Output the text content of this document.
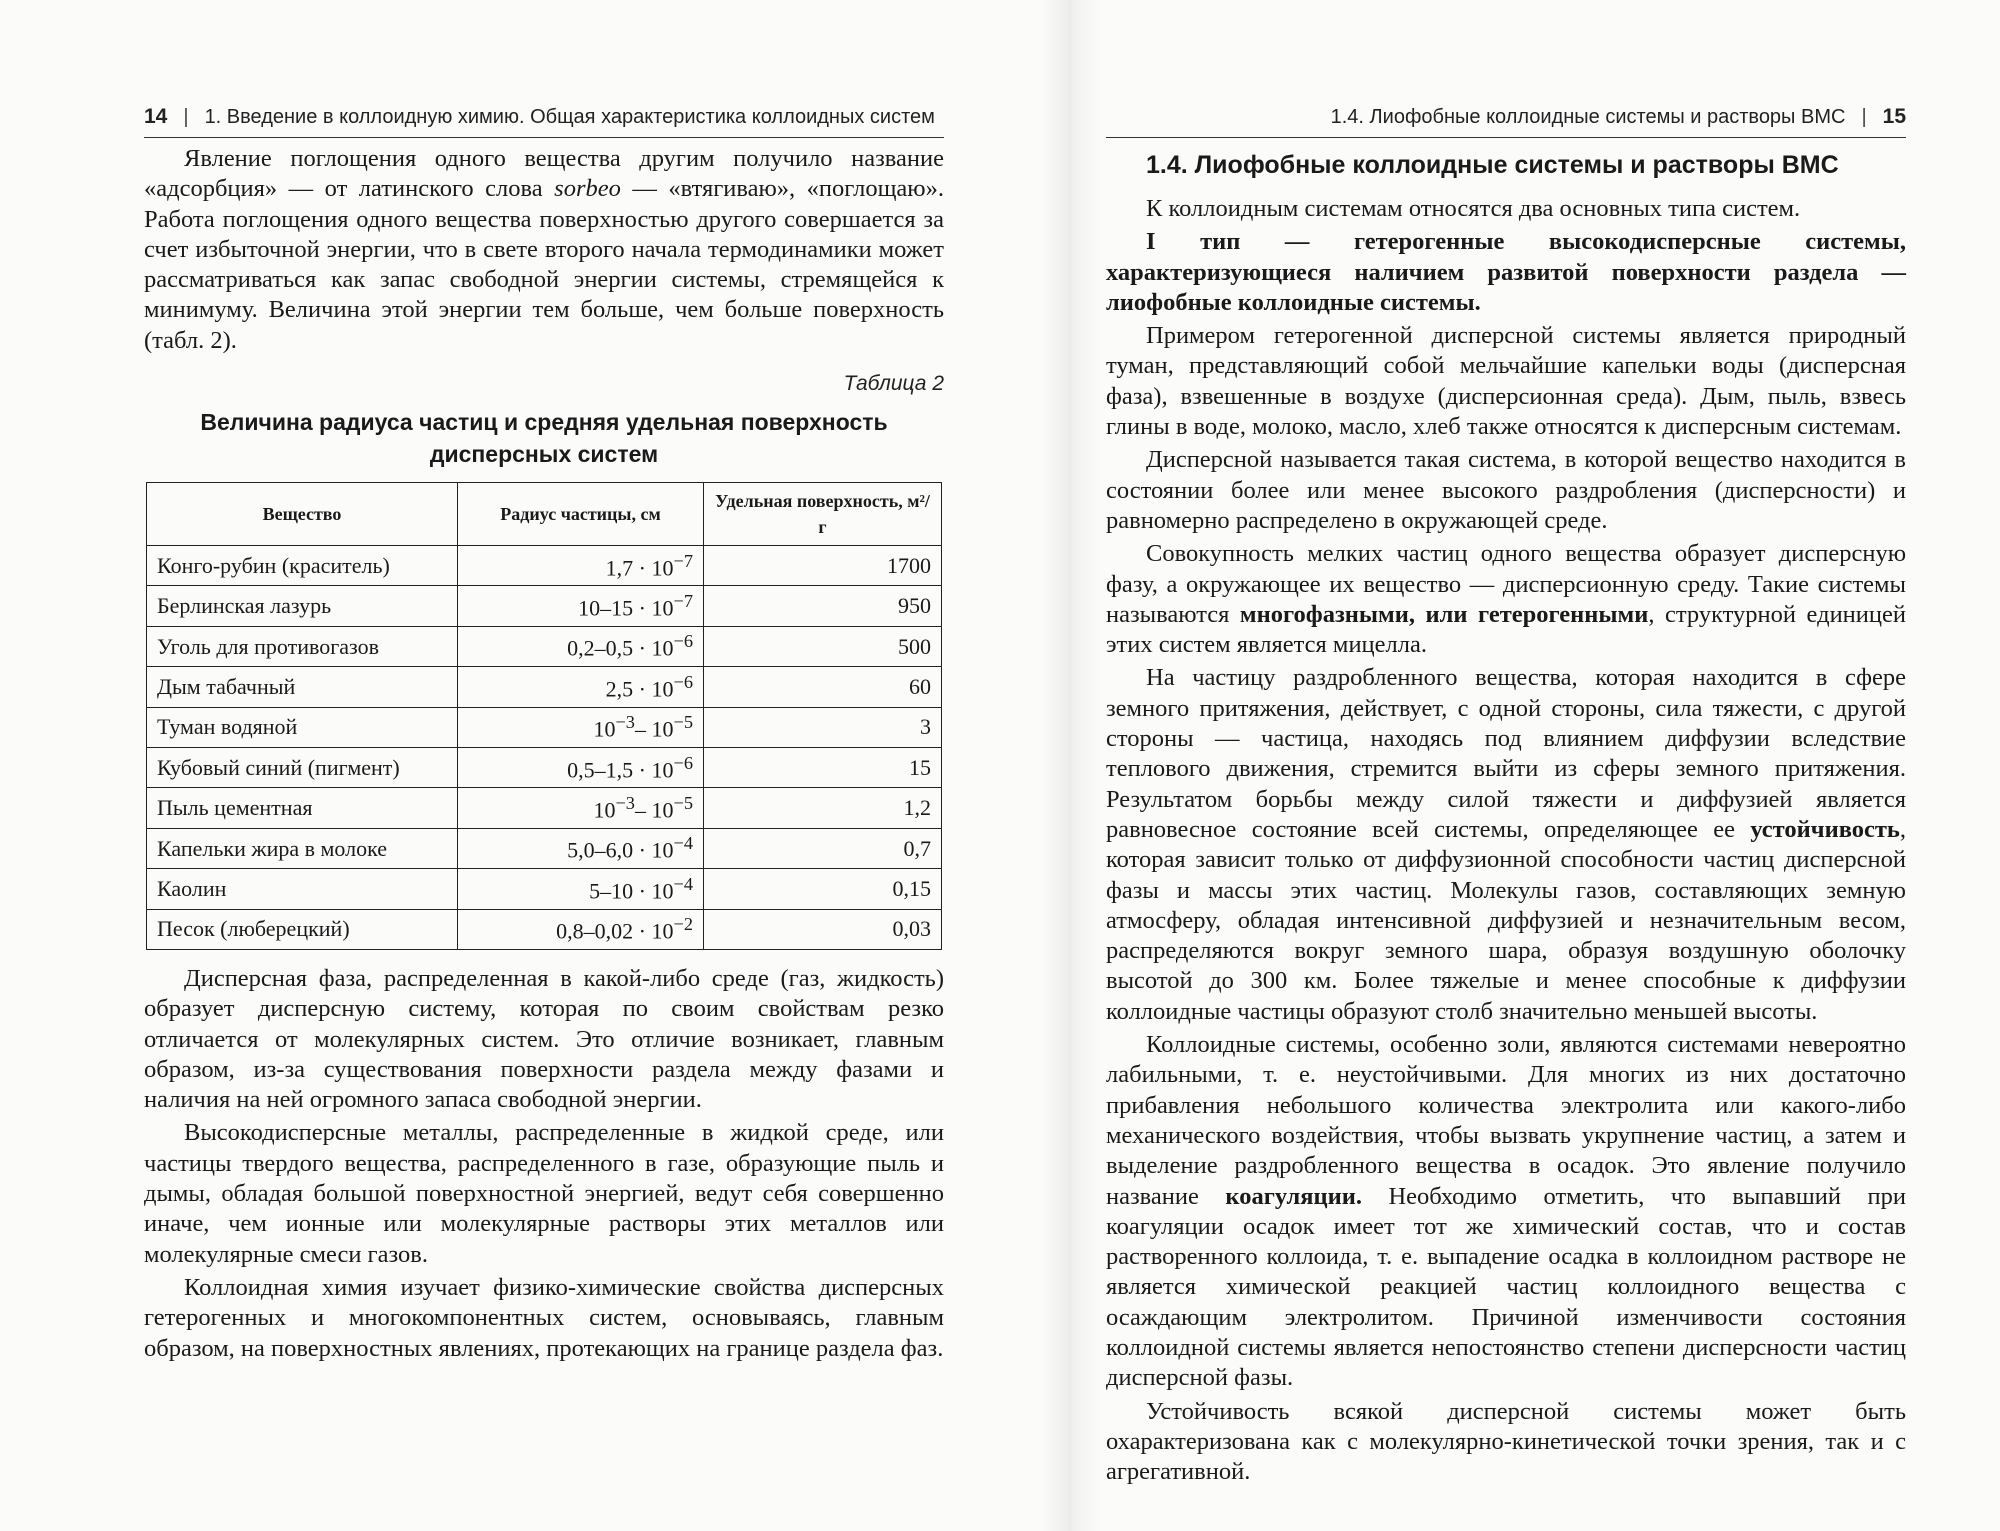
14 | 1. Введение в коллоидную химию. Общая характеристика коллоидных систем

Явление поглощения одного вещества другим получило название «адсорбция» — от латинского слова sorbeo — «втягиваю», «поглощаю». Работа поглощения одного вещества поверхностью другого совершается за счет избыточной энергии, что в свете второго начала термодинамики может рассматриваться как запас свободной энергии системы, стремящейся к минимуму. Величина этой энергии тем больше, чем больше поверхность (табл. 2).

Таблица 2
Величина радиуса частиц и средняя удельная поверхность
дисперсных систем
Вещество	Радиус частицы, см	Удельная поверхность, м²/г
Конго-рубин (краситель)	$1,7 \cdot 10^{-7}$	1700
Берлинская лазурь	$10-15 \cdot 10^{-7}$	950
Уголь для противогазов	$0,2-0,5 \cdot 10^{-6}$	500
Дым табачный	$2,5 \cdot 10^{-6}$	60
Туман водяной	$10^{-3}-$ $10^{-5}$	3
Кубовый синий (пигмент)	$0,5-1,5 \cdot 10^{-6}$	15
Пыль цементная	$10^{-3}-$ $10^{-5}$	1,2
Капельки жира в молоке	$5,0-6,0 \cdot 10^{-4}$	0,7
Каолин	$5-10 \cdot 10^{-4}$	0,15
Песок (люберецкий)	$0,8-0,02 \cdot 10^{-2}$	0,03

Дисперсная фаза, распределенная в какой-либо среде (газ, жидкость) образует дисперсную систему, которая по своим свойствам резко отличается от молекулярных систем. Это отличие возникает, главным образом, из-за существования поверхности раздела между фазами и наличия на ней огромного запаса свободной энергии.

Высокодисперсные металлы, распределенные в жидкой среде, или частицы твердого вещества, распределенного в газе, образующие пыль и дымы, обладая большой поверхностной энергией, ведут себя совершенно иначе, чем ионные или молекулярные растворы этих металлов или молекулярные смеси газов.

Коллоидная химия изучает физико-химические свойства дисперсных гетерогенных и многокомпонентных систем, основываясь, главным образом, на поверхностных явлениях, протекающих на границе раздела фаз.

1.4. Лиофобные коллоидные системы и растворы ВМС | 15
1.4. Лиофобные коллоидные системы и растворы ВМС

К коллоидным системам относятся два основных типа систем.

I тип — гетерогенные высокодисперсные системы, характеризующиеся наличием развитой поверхности раздела — лиофобные коллоидные системы.

Примером гетерогенной дисперсной системы является природный туман, представляющий собой мельчайшие капельки воды (дисперсная фаза), взвешенные в воздухе (дисперсионная среда). Дым, пыль, взвесь глины в воде, молоко, масло, хлеб также относятся к дисперсным системам.

Дисперсной называется такая система, в которой вещество находится в состоянии более или менее высокого раздробления (дисперсности) и равномерно распределено в окружающей среде.

Совокупность мелких частиц одного вещества образует дисперсную фазу, а окружающее их вещество — дисперсионную среду. Такие системы называются многофазными, или гетерогенными, структурной единицей этих систем является мицелла.

На частицу раздробленного вещества, которая находится в сфере земного притяжения, действует, с одной стороны, сила тяжести, с другой стороны — частица, находясь под влиянием диффузии вследствие теплового движения, стремится выйти из сферы земного притяжения. Результатом борьбы между силой тяжести и диффузией является равновесное состояние всей системы, определяющее ее устойчивость, которая зависит только от диффузионной способности частиц дисперсной фазы и массы этих частиц. Молекулы газов, составляющих земную атмосферу, обладая интенсивной диффузией и незначительным весом, распределяются вокруг земного шара, образуя воздушную оболочку высотой до 300 км. Более тяжелые и менее способные к диффузии коллоидные частицы образуют столб значительно меньшей высоты.

Коллоидные системы, особенно золи, являются системами невероятно лабильными, т. е. неустойчивыми. Для многих из них достаточно прибавления небольшого количества электролита или какого-либо механического воздействия, чтобы вызвать укрупнение частиц, а затем и выделение раздробленного вещества в осадок. Это явление получило название коагуляции. Необходимо отметить, что выпавший при коагуляции осадок имеет тот же химический состав, что и состав растворенного коллоида, т. е. выпадение осадка в коллоидном растворе не является химической реакцией частиц коллоидного вещества с осаждающим электролитом. Причиной изменчивости состояния коллоидной системы является непостоянство степени дисперсности частиц дисперсной фазы.

Устойчивость всякой дисперсной системы может быть охарактеризована как с молекулярно-кинетической точки зрения, так и с агрегативной.
